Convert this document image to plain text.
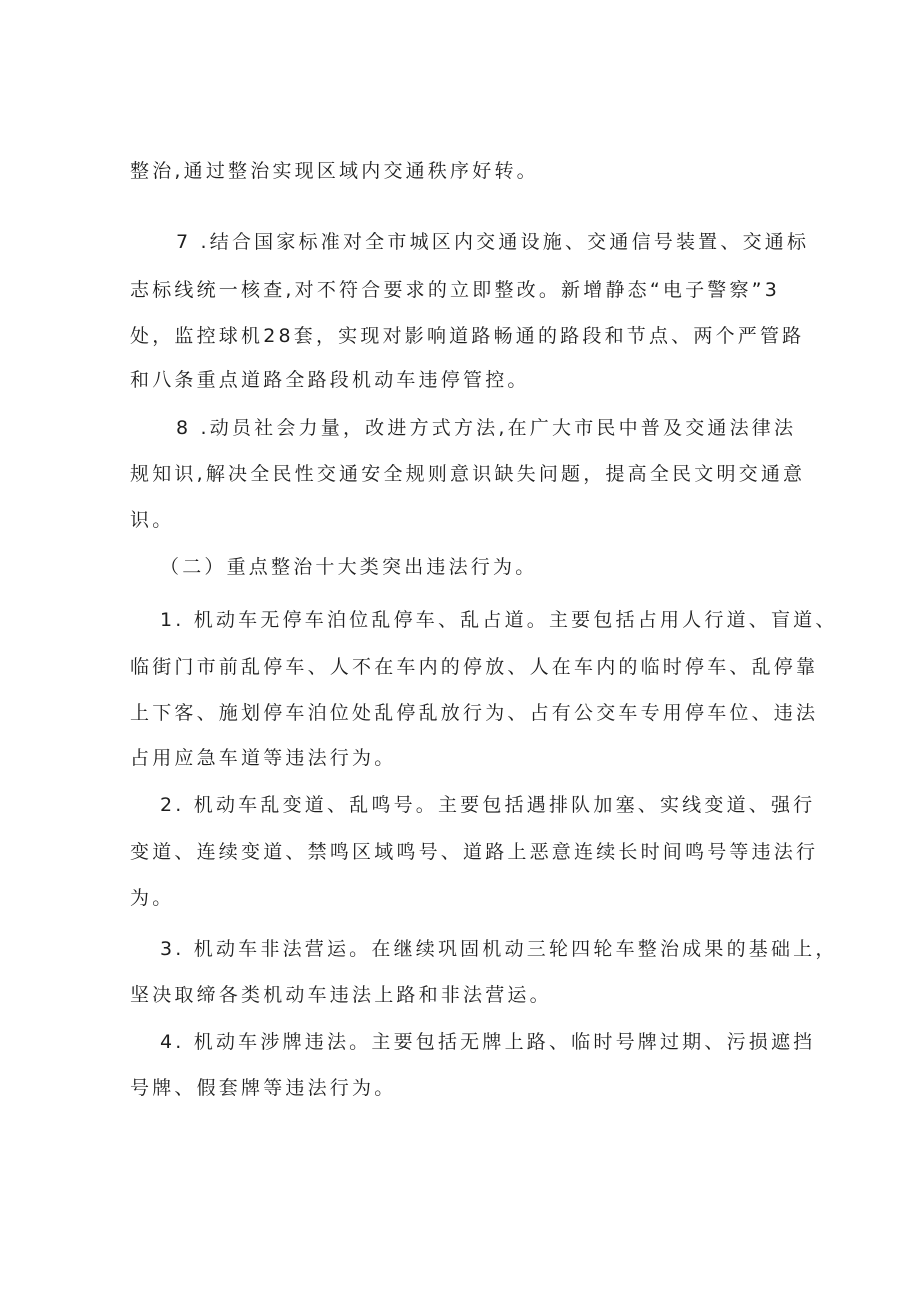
整治,通过整治实现区域内交通秩序好转。
7 .结合国家标准对全市城区内交通设施、交通信号装置、交通标
志标线统一核查,对不符合要求的立即整改。新增静态“电子警察”3
处，监控球机28套，实现对影响道路畅通的路段和节点、两个严管路
和八条重点道路全路段机动车违停管控。
8 .动员社会力量，改进方式方法,在广大市民中普及交通法律法
规知识,解决全民性交通安全规则意识缺失问题，提高全民文明交通意
识。
（二）重点整治十大类突出违法行为。
1. 机动车无停车泊位乱停车、乱占道。主要包括占用人行道、盲道、
临街门市前乱停车、人不在车内的停放、人在车内的临时停车、乱停靠
上下客、施划停车泊位处乱停乱放行为、占有公交车专用停车位、违法
占用应急车道等违法行为。
2. 机动车乱变道、乱鸣号。主要包括遇排队加塞、实线变道、强行
变道、连续变道、禁鸣区域鸣号、道路上恶意连续长时间鸣号等违法行
为。
3. 机动车非法营运。在继续巩固机动三轮四轮车整治成果的基础上，
坚决取缔各类机动车违法上路和非法营运。
4. 机动车涉牌违法。主要包括无牌上路、临时号牌过期、污损遮挡
号牌、假套牌等违法行为。
